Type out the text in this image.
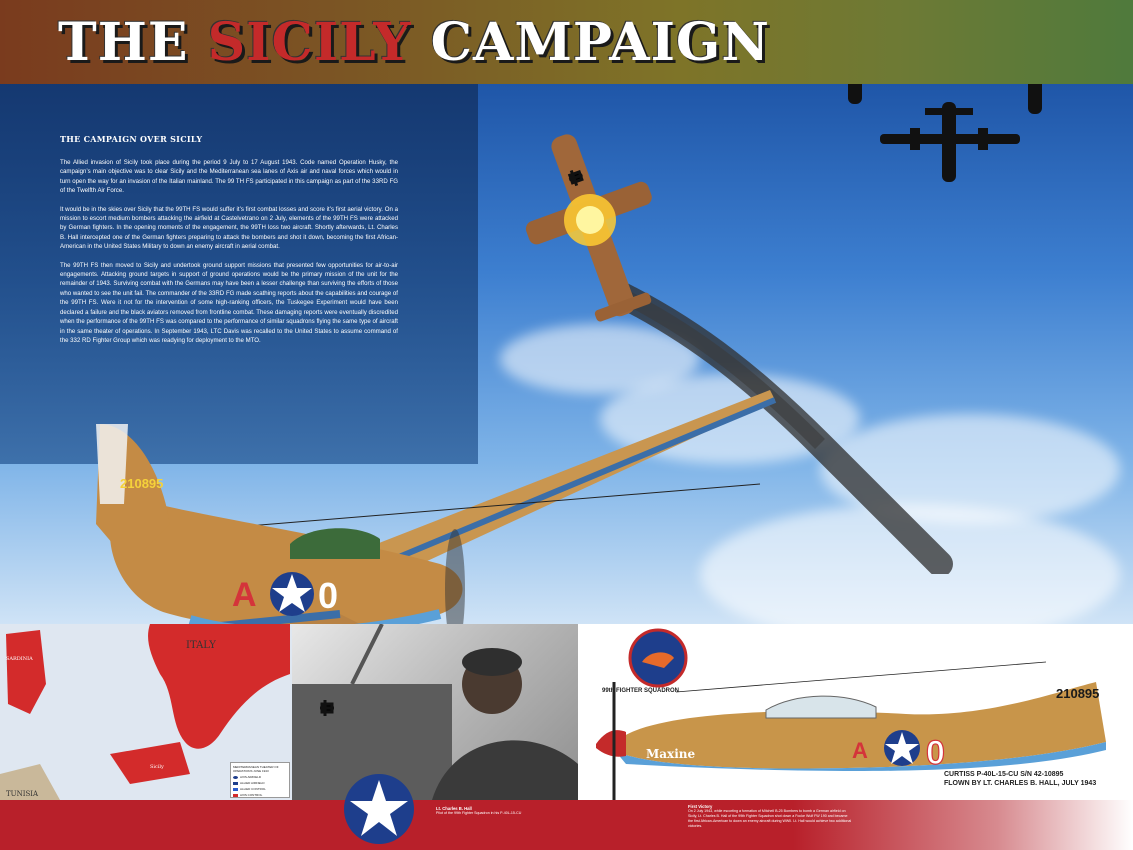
THE SICILY CAMPAIGN
THE CAMPAIGN OVER SICILY

The Allied invasion of Sicily took place during the period 9 July to 17 August 1943. Code named Operation Husky, the campaign’s main objective was to clear Sicily and the Mediterranean sea lanes of Axis air and naval forces which would in turn open the way for an invasion of the Italian mainland. The 99 TH FS participated in this campaign as part of the 33RD FG of the Twelfth Air Force.

It would be in the skies over Sicily that the 99TH FS would suffer it’s first combat losses and score it’s first aerial victory. On a mission to escort medium bombers attacking the airfield at Castelvetrano on 2 July, elements of the 99TH FS were attacked by German fighters. In the opening moments of the engagement, the 99TH loss two aircraft. Shortly afterwards, Lt. Charles B. Hall intercepted one of the German fighters preparing to attack the bombers and shot it down, becoming the first African-American in the United States Military to down an enemy aircraft in aerial combat.

The 99TH FS then moved to Sicily and undertook ground support missions that presented few opportunities for air-to-air engagements. Attacking ground targets in support of ground operations would be the primary mission of the unit for the remainder of 1943. Surviving combat with the Germans may have been a lesser challenge than surviving the efforts of those who wanted to see the unit fail. The commander of the 33RD FG made scathing reports about the capabilities and courage of the 99TH FS. Were it not for the intervention of some high-ranking officers, the Tuskegee Experiment would have been declared a failure and the black aviators removed from frontline combat. These damaging reports were eventually discredited when the performance of the 99TH FS was compared to the performance of similar squadrons flying the same type of aircraft in the same theater of operations. In September 1943, LTC Davis was recalled to the United States to assume command of the 332 RD Fighter Group which was readying for deployment to the MTO.

210895
A 0
ITALY
SARDINIA
Sicily
TUNISIA
MEDITERRANEAN THEATER OF OPERATIONS JUNE 1943
AXIS AIRFIELD
ALLIED AIRFIELD
ALLIED CONTROL
AXIS CONTROL
99th FIGHTER SQUADRON	210895
A 0
Maxine
CURTISS P-40L-15-CU S/N 42-10895
FLOWN BY LT. CHARLES B. HALL, JULY 1943
Lt. Charles B. Hall
Pilot of the 99th Fighter Squadron in his P-40L-15-CU
First Victory
On 2 July 1943, while escorting a formation of Mitchell B-25 Bombers to bomb a German airfield on Sicily, Lt. Charles B. Hall of the 99th Fighter Squadron shot down a Focke Wulf FW 190 and became the first African-American to down an enemy aircraft during WWII. Lt. Hall would achieve two additional victories.
